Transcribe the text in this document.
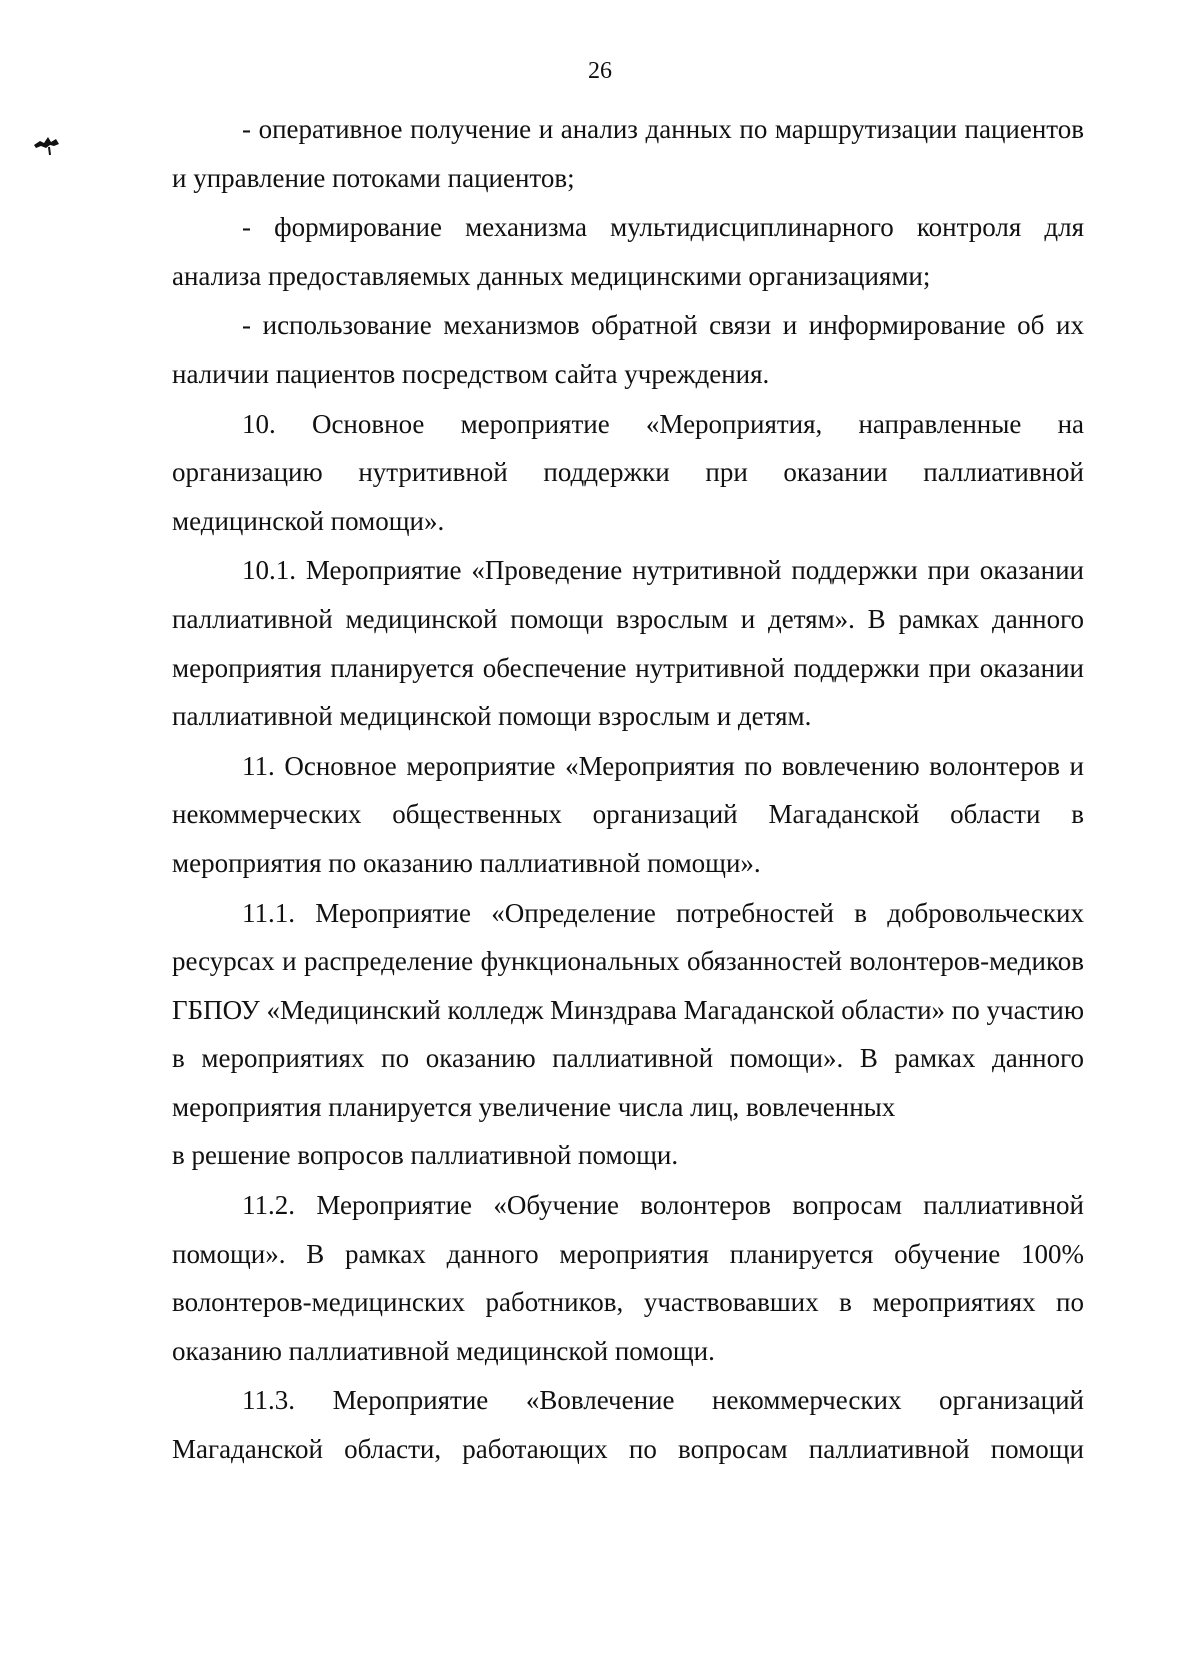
26

- оперативное получение и анализ данных по маршрутизации пациентов и управление потоками пациентов;

- формирование механизма мультидисциплинарного контроля для анализа предоставляемых данных медицинскими организациями;

- использование механизмов обратной связи и информирование об их наличии пациентов посредством сайта учреждения.

10. Основное мероприятие «Мероприятия, направленные на организацию нутритивной поддержки при оказании паллиативной медицинской помощи».

10.1. Мероприятие «Проведение нутритивной поддержки при оказании паллиативной медицинской помощи взрослым и детям». В рамках данного мероприятия планируется обеспечение нутритивной поддержки при оказании паллиативной медицинской помощи взрослым и детям.

11. Основное мероприятие «Мероприятия по вовлечению волонтеров и некоммерческих общественных организаций Магаданской области в мероприятия по оказанию паллиативной помощи».

11.1. Мероприятие «Определение потребностей в добровольческих ресурсах и распределение функциональных обязанностей волонтеров-медиков ГБПОУ «Медицинский колледж Минздрава Магаданской области» по участию в мероприятиях по оказанию паллиативной помощи». В рамках данного мероприятия планируется увеличение числа лиц, вовлеченных

в решение вопросов паллиативной помощи.

11.2. Мероприятие «Обучение волонтеров вопросам паллиативной помощи». В рамках данного мероприятия планируется обучение 100% волонтеров-медицинских работников, участвовавших в мероприятиях по оказанию паллиативной медицинской помощи.

11.3. Мероприятие «Вовлечение некоммерческих организаций Магаданской области, работающих по вопросам паллиативной помощи
